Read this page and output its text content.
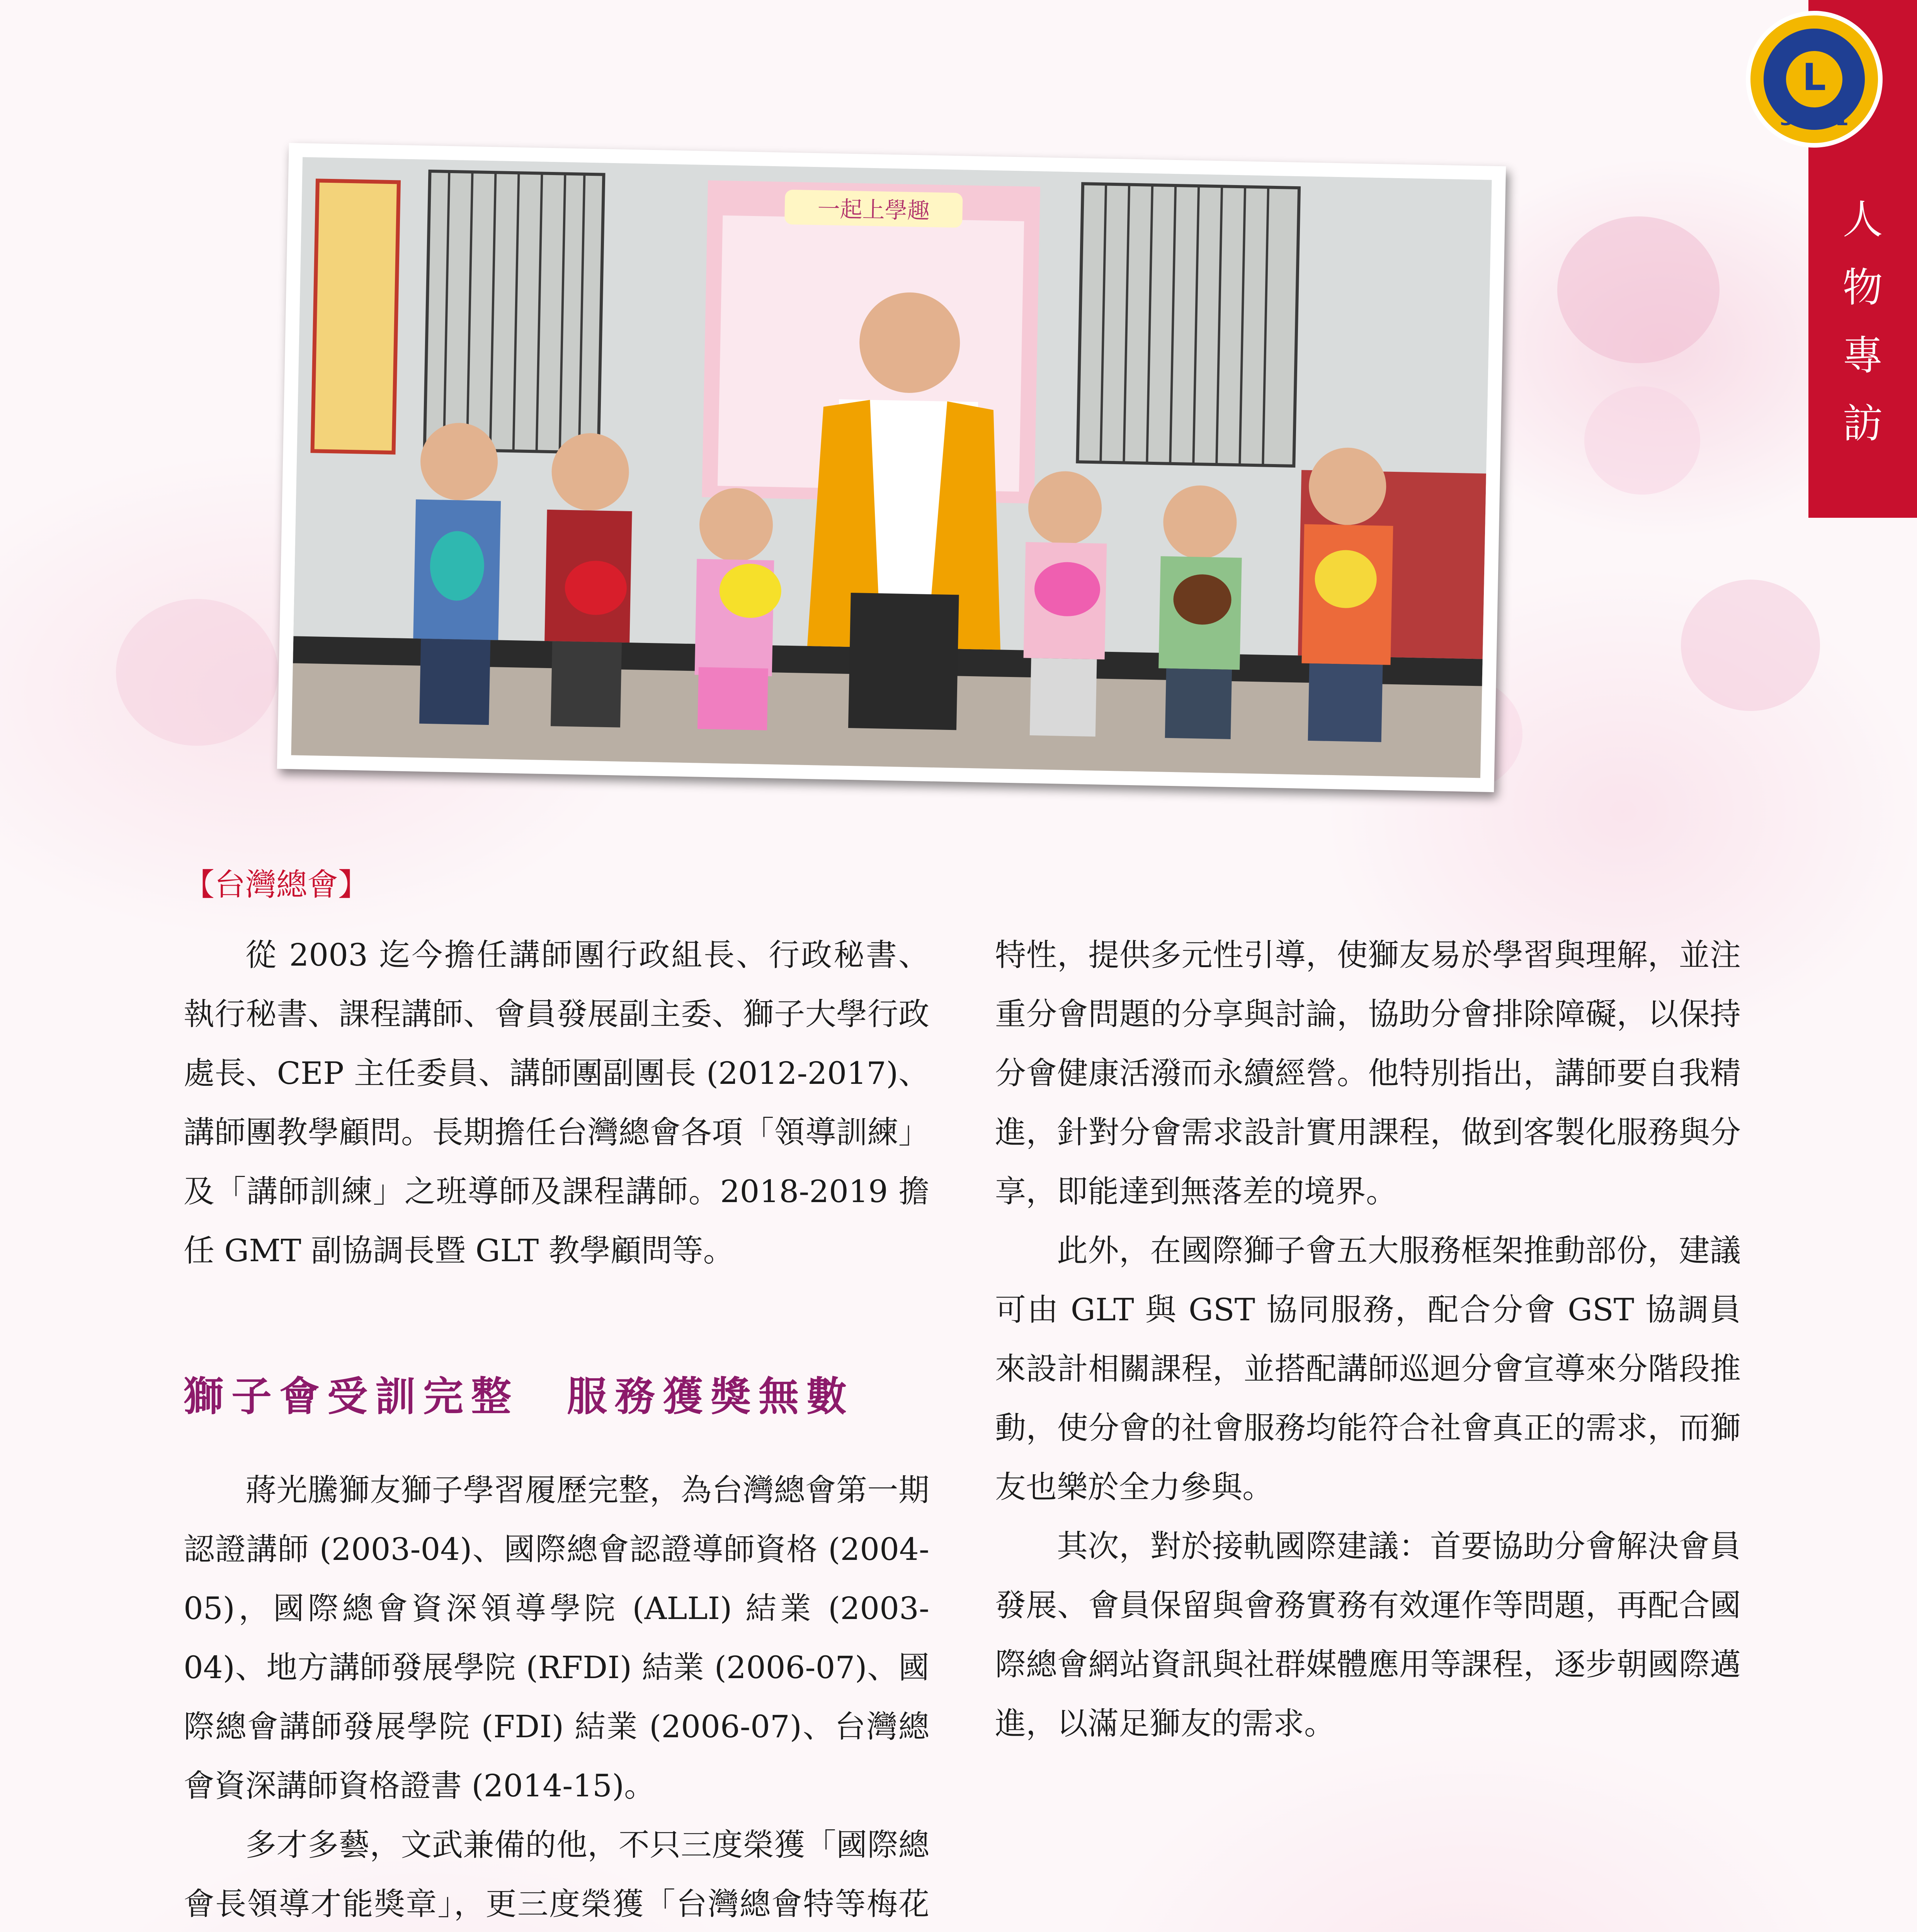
人
物
專
訪
L
300A1
一起上學趣
【台灣總會】

從 2003 迄今擔任講師團行政組長、行政秘書、執行秘書、課程講師、會員發展副主委、獅子大學行政處長、CEP 主任委員、講師團副團長 (2012-2017)、講師團教學顧問。長期擔任台灣總會各項「領導訓練」及「講師訓練」之班導師及課程講師。2018-2019 擔任 GMT 副協調長暨 GLT 教學顧問等。

獅子會受訓完整　服務獲獎無數

蔣光騰獅友獅子學習履歷完整，為台灣總會第一期認證講師 (2003-04)、國際總會認證導師資格 (2004-05)，國際總會資深領導學院 (ALLI) 結業 (2003-04)、地方講師發展學院 (RFDI) 結業 (2006-07)、國際總會講師發展學院 (FDI) 結業 (2006-07)、台灣總會資深講師資格證書 (2014-15)。

多才多藝，文武兼備的他，不只三度榮獲「國際總會長領導才能獎章」，更三度榮獲「台灣總會特等梅花

特性，提供多元性引導，使獅友易於學習與理解，並注重分會問題的分享與討論，協助分會排除障礙，以保持分會健康活潑而永續經營。他特別指出，講師要自我精進，針對分會需求設計實用課程，做到客製化服務與分享，即能達到無落差的境界。

此外，在國際獅子會五大服務框架推動部份，建議可由 GLT 與 GST 協同服務，配合分會 GST 協調員來設計相關課程，並搭配講師巡迴分會宣導來分階段推動，使分會的社會服務均能符合社會真正的需求，而獅友也樂於全力參與。

其次，對於接軌國際建議：首要協助分會解決會員發展、會員保留與會務實務有效運作等問題，再配合國際總會網站資訊與社群媒體應用等課程，逐步朝國際邁進，以滿足獅友的需求。
